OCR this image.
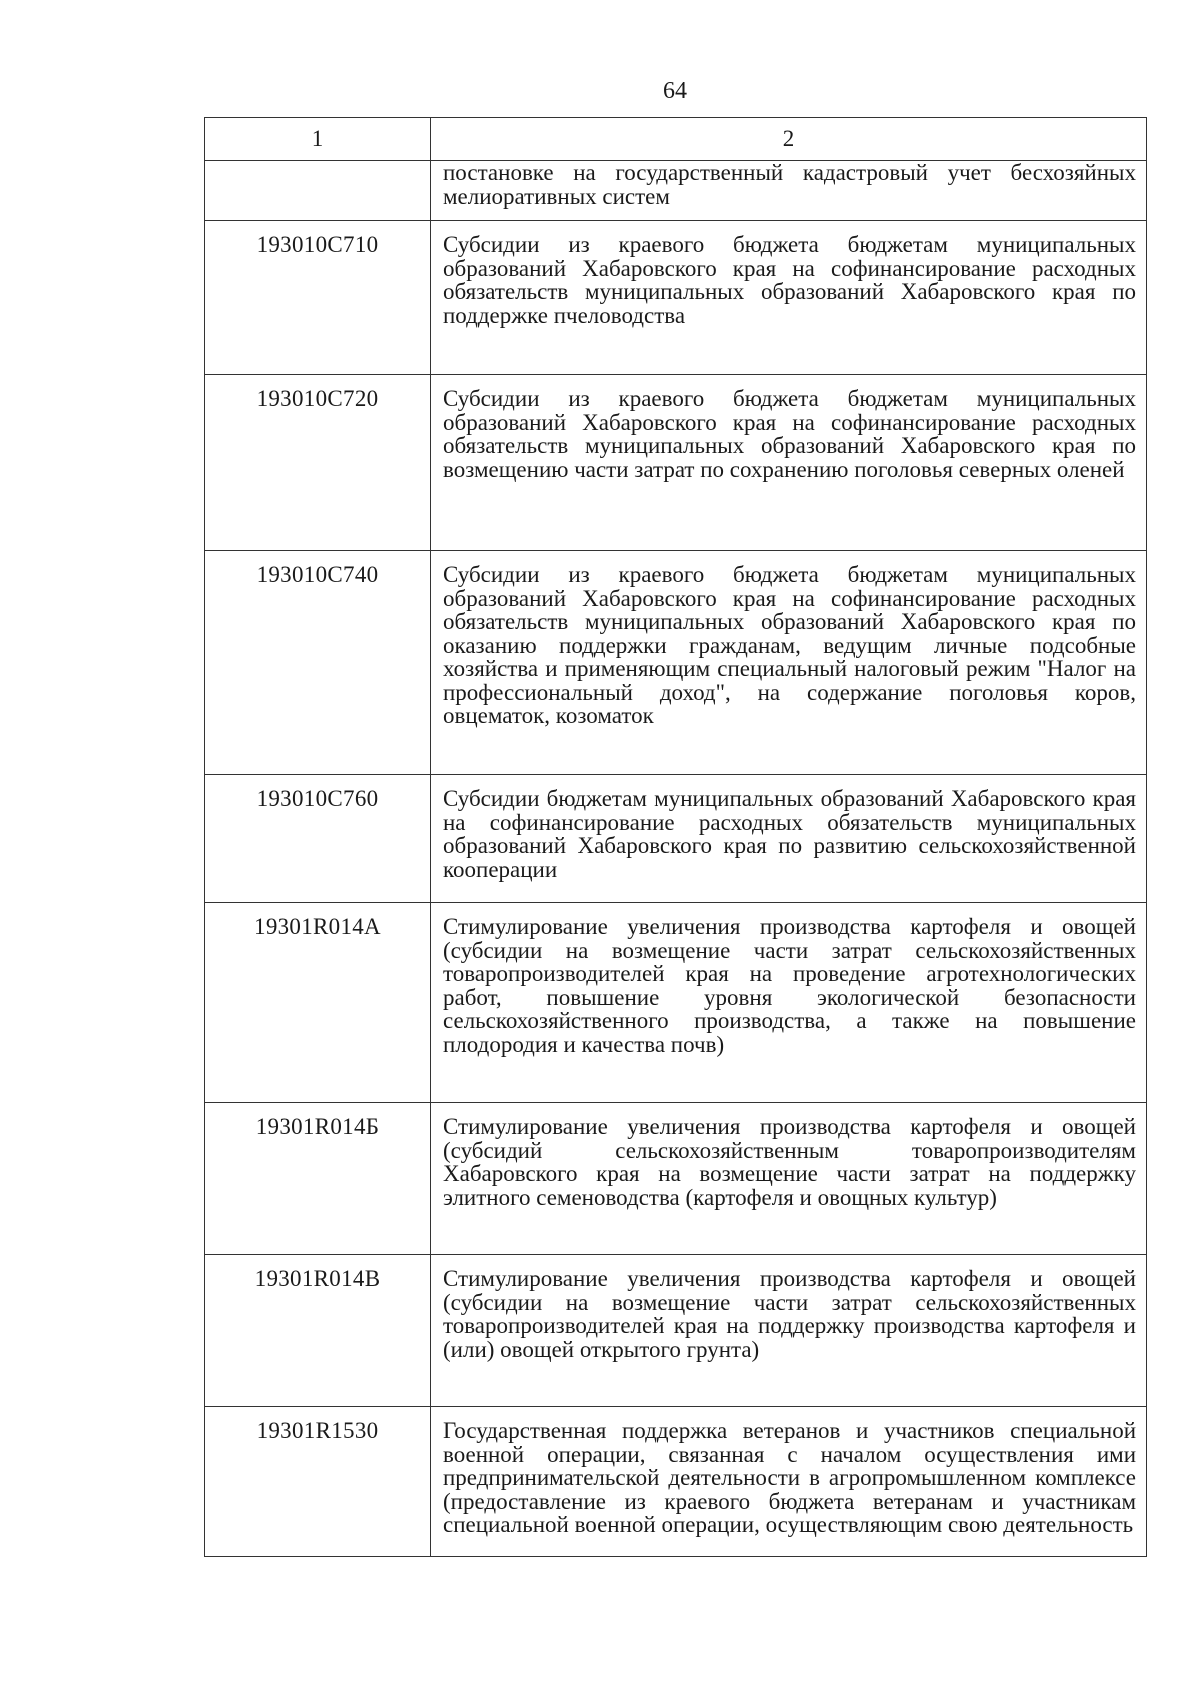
64
1	2
	постановке на государственный кадастровый учет бесхозяйных мелиоративных систем
193010С710	Субсидии из краевого бюджета бюджетам муниципальных образований Хабаровского края на софинансирование расходных обязательств муниципальных образований Хабаровского края по поддержке пчеловодства
193010С720	Субсидии из краевого бюджета бюджетам муниципальных образований Хабаровского края на софинансирование расходных обязательств муниципальных образований Хабаровского края по возмещению части затрат по сохранению поголовья северных оленей
193010С740	Субсидии из краевого бюджета бюджетам муниципальных образований Хабаровского края на софинансирование расходных обязательств муниципальных образований Хабаровского края по оказанию поддержки гражданам, ведущим личные подсобные хозяйства и применяющим специальный налоговый режим "Налог на профессиональный доход", на содержание поголовья коров, овцематок, козоматок
193010С760	Субсидии бюджетам муниципальных образований Хабаровского края на софинансирование расходных обязательств муниципальных образований Хабаровского края по развитию сельскохозяйственной кооперации
19301R014А	Стимулирование увеличения производства картофеля и овощей (субсидии на возмещение части затрат сельскохозяйственных товаропроизводителей края на проведение агротехнологических работ, повышение уровня экологической безопасности сельскохозяйственного производства, а также на повышение плодородия и качества почв)
19301R014Б	Стимулирование увеличения производства картофеля и овощей (субсидий сельскохозяйственным товаропроизводителям Хабаровского края на возмещение части затрат на поддержку элитного семеноводства (картофеля и овощных культур)
19301R014В	Стимулирование увеличения производства картофеля и овощей (субсидии на возмещение части затрат сельскохозяйственных товаропроизводителей края на поддержку производства картофеля и (или) овощей открытого грунта)
19301R1530	Государственная поддержка ветеранов и участников специальной военной операции, связанная с началом осуществления ими предпринимательской деятельности в агропромышленном комплексе (предоставление из краевого бюджета ветеранам и участникам специальной военной операции, осуществляющим свою деятельность
